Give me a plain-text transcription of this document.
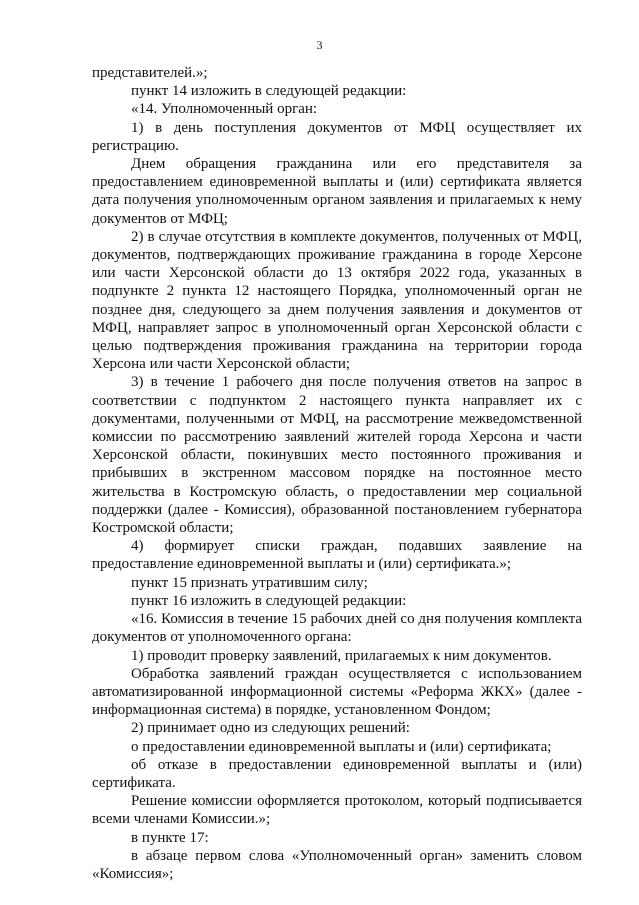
3

представителей.»;

пункт 14 изложить в следующей редакции:

«14. Уполномоченный орган:

1) в день поступления документов от МФЦ осуществляет их регистрацию.

Днем обращения гражданина или его представителя за предоставлением единовременной выплаты и (или) сертификата является дата получения уполномоченным органом заявления и прилагаемых к нему документов от МФЦ;

2) в случае отсутствия в комплекте документов, полученных от МФЦ, документов, подтверждающих проживание гражданина в городе Херсоне или части Херсонской области до 13 октября 2022 года, указанных в подпункте 2 пункта 12 настоящего Порядка, уполномоченный орган не позднее дня, следующего за днем получения заявления и документов от МФЦ, направляет запрос в уполномоченный орган Херсонской области с целью подтверждения проживания гражданина на территории города Херсона или части Херсонской области;

3) в течение 1 рабочего дня после получения ответов на запрос в соответствии с подпунктом 2 настоящего пункта направляет их с документами, полученными от МФЦ, на рассмотрение межведомственной комиссии по рассмотрению заявлений жителей города Херсона и части Херсонской области, покинувших место постоянного проживания и прибывших в экстренном массовом порядке на постоянное место жительства в Костромскую область, о предоставлении мер социальной поддержки (далее - Комиссия), образованной постановлением губернатора Костромской области;

4) формирует списки граждан, подавших заявление на предоставление единовременной выплаты и (или) сертификата.»;

пункт 15 признать утратившим силу;

пункт 16 изложить в следующей редакции:

«16. Комиссия в течение 15 рабочих дней со дня получения комплекта документов от уполномоченного органа:

1) проводит проверку заявлений, прилагаемых к ним документов.

Обработка заявлений граждан осуществляется с использованием автоматизированной информационной системы «Реформа ЖКХ» (далее - информационная система) в порядке, установленном Фондом;

2) принимает одно из следующих решений:

о предоставлении единовременной выплаты и (или) сертификата;

об отказе в предоставлении единовременной выплаты и (или) сертификата.

Решение комиссии оформляется протоколом, который подписывается всеми членами Комиссии.»;

в пункте 17:

в абзаце первом слова «Уполномоченный орган» заменить словом «Комиссия»;
